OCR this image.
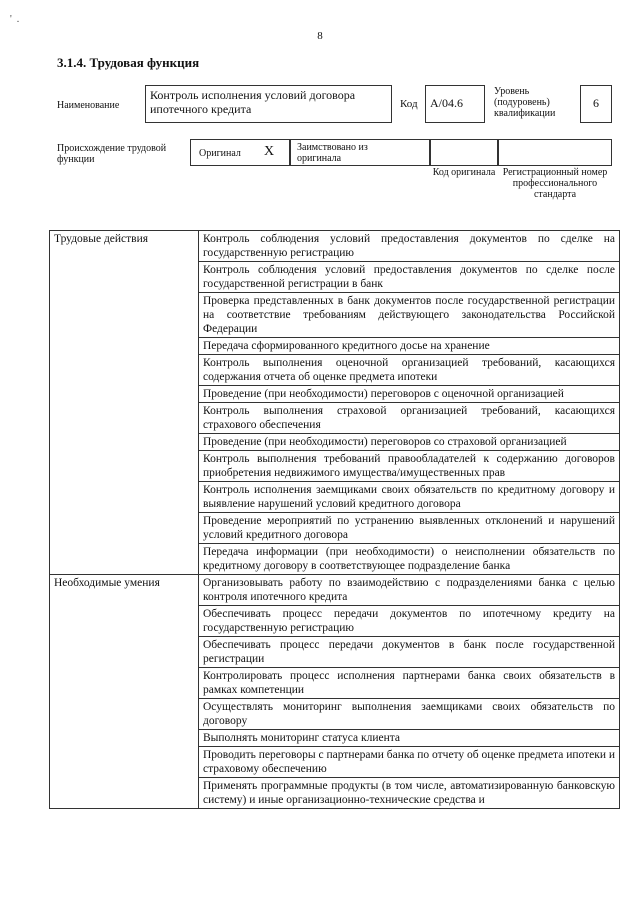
'  .
8
3.1.4. Трудовая функция
Наименование
Контроль исполнения условий договора ипотечного кредита	Код	А/04.6
Уровень (подуровень) квалификации
6
Происхождение трудовой функции
Оригинал X Заимствовано из оригинала
Код оригинала Регистрационный номер профессионального стандарта
Трудовые действия	Контроль соблюдения условий предоставления документов по сделке на государственную регистрацию
	Контроль соблюдения условий предоставления документов по сделке после государственной регистрации в банк
	Проверка представленных в банк документов после государственной регистрации на соответствие требованиям действующего законодательства Российской Федерации
	Передача сформированного кредитного досье на хранение
	Контроль выполнения оценочной организацией требований, касающихся содержания отчета об оценке предмета ипотеки
	Проведение (при необходимости) переговоров с оценочной организацией
	Контроль выполнения страховой организацией требований, касающихся страхового обеспечения
	Проведение (при необходимости) переговоров со страховой организацией
	Контроль выполнения требований правообладателей к содержанию договоров приобретения недвижимого имущества/имущественных прав
	Контроль исполнения заемщиками своих обязательств по кредитному договору и выявление нарушений условий кредитного договора
	Проведение мероприятий по устранению выявленных отклонений и нарушений условий кредитного договора
	Передача информации (при необходимости) о неисполнении обязательств по кредитному договору в соответствующее подразделение банка
Необходимые умения	Организовывать работу по взаимодействию с подразделениями банка с целью контроля ипотечного кредита
	Обеспечивать процесс передачи документов по ипотечному кредиту на государственную регистрацию
	Обеспечивать процесс передачи документов в банк после государственной регистрации
	Контролировать процесс исполнения партнерами банка своих обязательств в рамках компетенции
	Осуществлять мониторинг выполнения заемщиками своих обязательств по договору
	Выполнять мониторинг статуса клиента
	Проводить переговоры с партнерами банка по отчету об оценке предмета ипотеки и страховому обеспечению
	Применять программные продукты (в том числе, автоматизированную банковскую систему) и иные организационно-технические средства и
